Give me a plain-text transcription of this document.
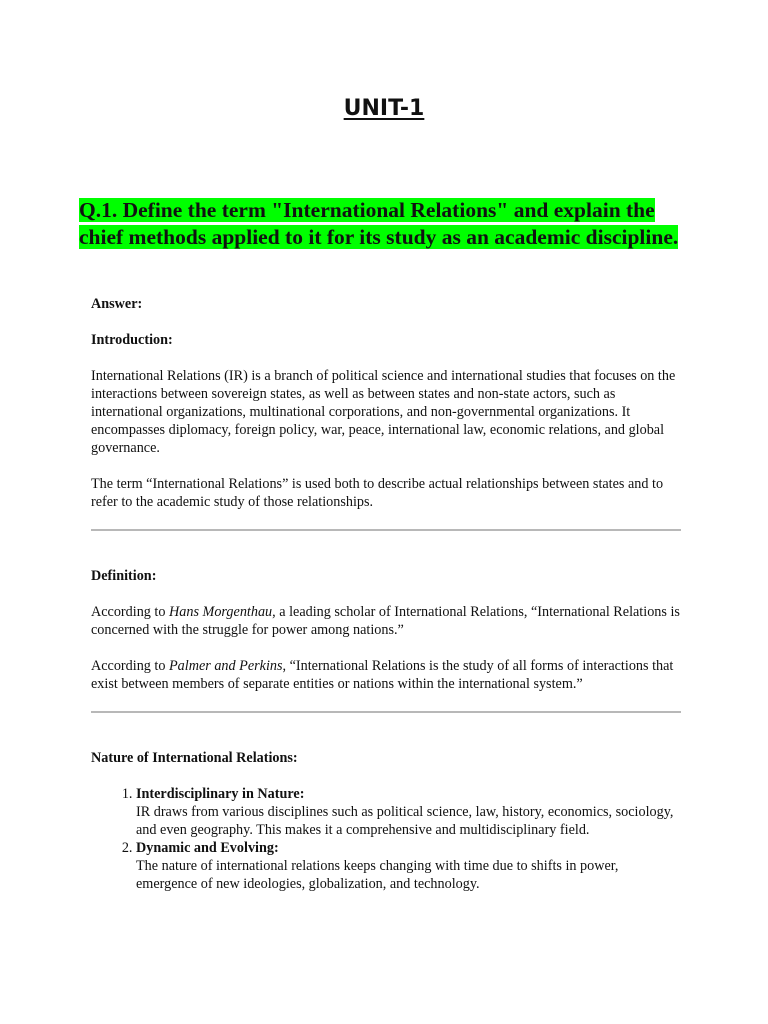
UNIT-1
Q.1. Define the term "International Relations" and explain the chief methods applied to it for its study as an academic discipline.

Answer:

Introduction:

International Relations (IR) is a branch of political science and international studies that focuses on the interactions between sovereign states, as well as between states and non-state actors, such as international organizations, multinational corporations, and non-governmental organizations. It encompasses diplomacy, foreign policy, war, peace, international law, economic relations, and global governance.

The term “International Relations” is used both to describe actual relationships between states and to refer to the academic study of those relationships.

Definition:

According to Hans Morgenthau, a leading scholar of International Relations, “International Relations is concerned with the struggle for power among nations.”

According to Palmer and Perkins, “International Relations is the study of all forms of interactions that exist between members of separate entities or nations within the international system.”

Nature of International Relations:

1. Interdisciplinary in Nature:
IR draws from various disciplines such as political science, law, history, economics, sociology, and even geography. This makes it a comprehensive and multidisciplinary field.
2. Dynamic and Evolving:
The nature of international relations keeps changing with time due to shifts in power, emergence of new ideologies, globalization, and technology.
